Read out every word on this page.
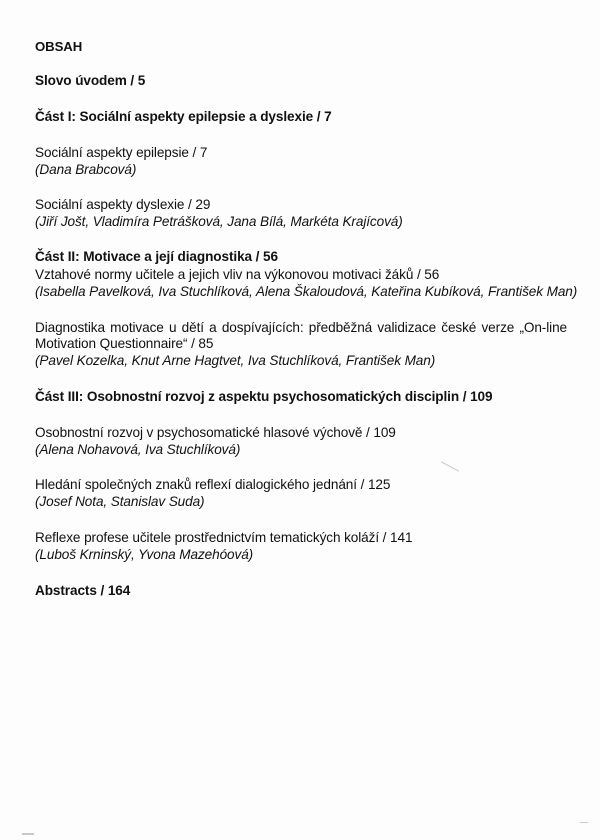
OBSAH
Slovo úvodem / 5
Část I: Sociální aspekty epilepsie a dyslexie / 7
Sociální aspekty epilepsie / 7
(Dana Brabcová)
Sociální aspekty dyslexie / 29
(Jiří Jošt, Vladimíra Petrášková, Jana Bílá, Markéta Krajícová)
Část II: Motivace a její diagnostika / 56
Vztahové normy učitele a jejich vliv na výkonovou motivaci žáků / 56
(Isabella Pavelková, Iva Stuchlíková, Alena Škaloudová, Kateřina Kubíková, František Man)
Diagnostika motivace u dětí a dospívajících: předběžná validizace české verze „On-line
Motivation Questionnaire“ / 85
(Pavel Kozelka, Knut Arne Hagtvet, Iva Stuchlíková, František Man)
Část III: Osobnostní rozvoj z aspektu psychosomatických disciplin / 109
Osobnostní rozvoj v psychosomatické hlasové výchově / 109
(Alena Nohavová, Iva Stuchlíková)
Hledání společných znaků reflexí dialogického jednání / 125
(Josef Nota, Stanislav Suda)
Reflexe profese učitele prostřednictvím tematických koláží / 141
(Luboš Krninský, Yvona Mazehóová)
Abstracts / 164
